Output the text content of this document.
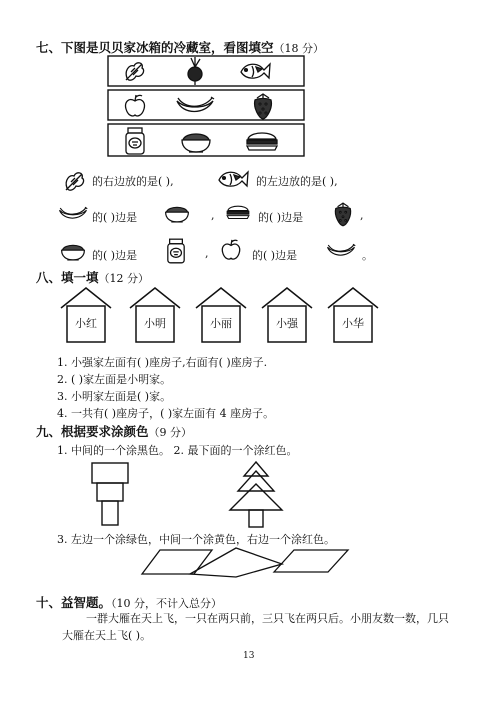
七、下图是贝贝家冰箱的冷藏室，看图填空（18 分）
的右边放的是( ),	的左边放的是( ),
的( )边是	,	的( )边是	,
的( )边是	,	的( )边是	。
八、填一填（12 分）
小红	小明	小丽	小强	小华
1. 小强家左面有( )座房子,右面有( )座房子.
2. ( )家左面是小明家。
3. 小明家左面是( )家。
4. 一共有( )座房子，( )家左面有 4 座房子。
九、根据要求涂颜色（9 分）
1. 中间的一个涂黑色。 2. 最下面的一个涂红色。
3. 左边一个涂绿色，中间一个涂黄色，右边一个涂红色。
十、益智题。（10 分，不计入总分）
一群大雁在天上飞，一只在两只前，三只飞在两只后。小朋友数一数，几只
大雁在天上飞( )。
13
